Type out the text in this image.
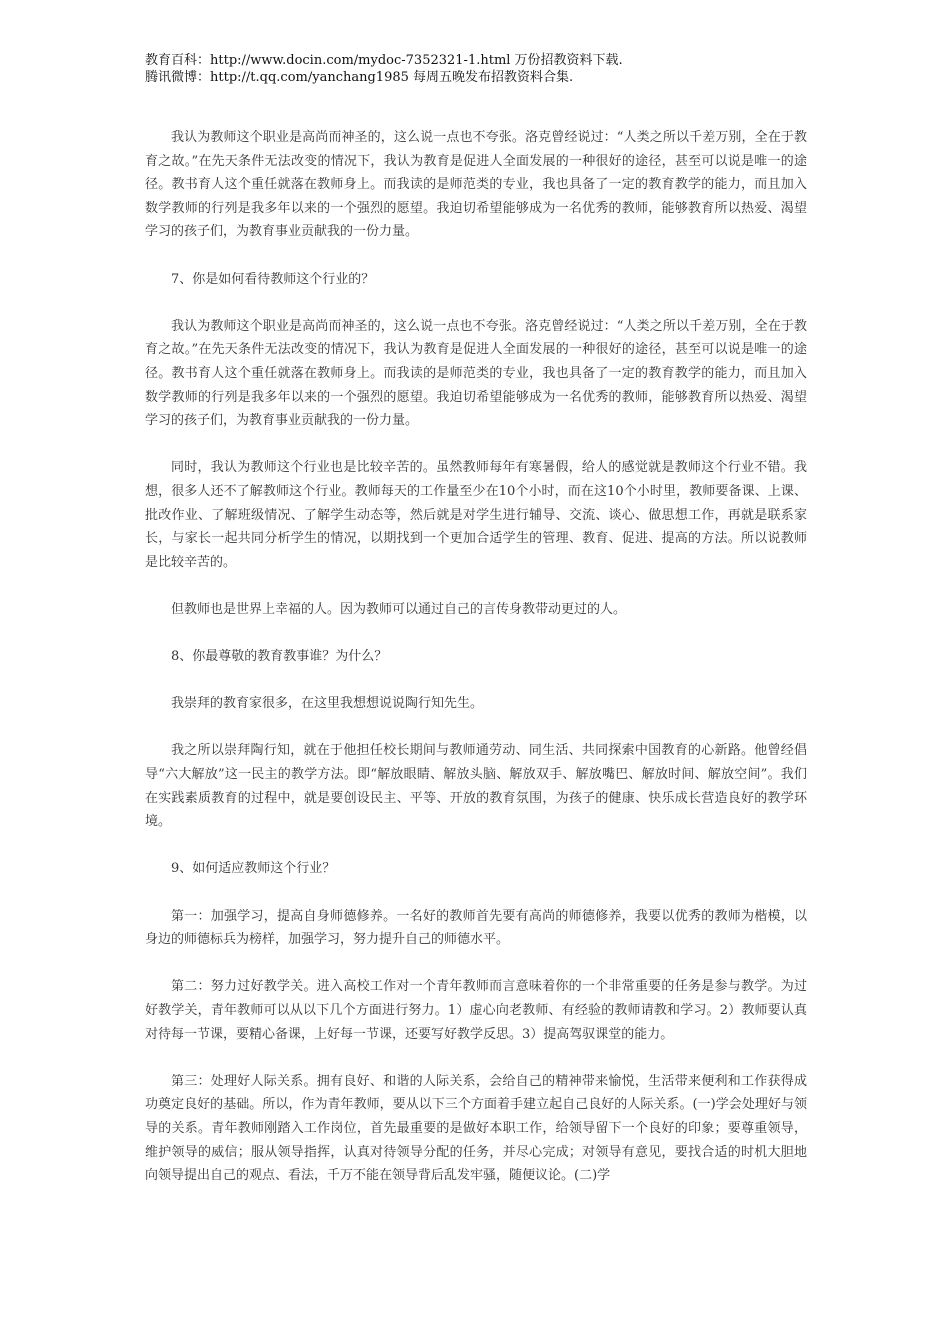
教育百科：http://www.docin.com/mydoc-7352321-1.html 万份招教资料下载.
腾讯微博：http://t.qq.com/yanchang1985 每周五晚发布招教资料合集.

我认为教师这个职业是高尚而神圣的，这么说一点也不夸张。洛克曾经说过：“人类之所以千差万别，全在于教育之故。”在先天条件无法改变的情况下，我认为教育是促进人全面发展的一种很好的途径，甚至可以说是唯一的途径。教书育人这个重任就落在教师身上。而我读的是师范类的专业，我也具备了一定的教育教学的能力，而且加入数学教师的行列是我多年以来的一个强烈的愿望。我迫切希望能够成为一名优秀的教师，能够教育所以热爱、渴望学习的孩子们，为教育事业贡献我的一份力量。

7、你是如何看待教师这个行业的？

我认为教师这个职业是高尚而神圣的，这么说一点也不夸张。洛克曾经说过：“人类之所以千差万别，全在于教育之故。”在先天条件无法改变的情况下，我认为教育是促进人全面发展的一种很好的途径，甚至可以说是唯一的途径。教书育人这个重任就落在教师身上。而我读的是师范类的专业，我也具备了一定的教育教学的能力，而且加入数学教师的行列是我多年以来的一个强烈的愿望。我迫切希望能够成为一名优秀的教师，能够教育所以热爱、渴望学习的孩子们，为教育事业贡献我的一份力量。

同时，我认为教师这个行业也是比较辛苦的。虽然教师每年有寒暑假，给人的感觉就是教师这个行业不错。我想，很多人还不了解教师这个行业。教师每天的工作量至少在10个小时，而在这10个小时里，教师要备课、上课、批改作业、了解班级情况、了解学生动态等，然后就是对学生进行辅导、交流、谈心、做思想工作，再就是联系家长，与家长一起共同分析学生的情况，以期找到一个更加合适学生的管理、教育、促进、提高的方法。所以说教师是比较辛苦的。

但教师也是世界上幸福的人。因为教师可以通过自己的言传身教带动更过的人。

8、你最尊敬的教育教事谁？为什么？

我崇拜的教育家很多，在这里我想想说说陶行知先生。

我之所以崇拜陶行知，就在于他担任校长期间与教师通劳动、同生活、共同探索中国教育的心新路。他曾经倡导“六大解放”这一民主的教学方法。即“解放眼睛、解放头脑、解放双手、解放嘴巴、解放时间、解放空间”。我们在实践素质教育的过程中，就是要创设民主、平等、开放的教育氛围，为孩子的健康、快乐成长营造良好的教学环境。

9、如何适应教师这个行业？

第一：加强学习，提高自身师德修养。一名好的教师首先要有高尚的师德修养，我要以优秀的教师为楷模，以身边的师德标兵为榜样，加强学习，努力提升自己的师德水平。

第二：努力过好教学关。进入高校工作对一个青年教师而言意味着你的一个非常重要的任务是参与教学。为过好教学关，青年教师可以从以下几个方面进行努力。1）虚心向老教师、有经验的教师请教和学习。2）教师要认真对待每一节课，要精心备课，上好每一节课，还要写好教学反思。3）提高驾驭课堂的能力。

第三：处理好人际关系。拥有良好、和谐的人际关系，会给自己的精神带来愉悦，生活带来便利和工作获得成功奠定良好的基础。所以，作为青年教师，要从以下三个方面着手建立起自己良好的人际关系。(一)学会处理好与领导的关系。青年教师刚踏入工作岗位，首先最重要的是做好本职工作，给领导留下一个良好的印象；要尊重领导，维护领导的威信；服从领导指挥，认真对待领导分配的任务，并尽心完成；对领导有意见，要找合适的时机大胆地向领导提出自己的观点、看法，千万不能在领导背后乱发牢骚，随便议论。(二)学
